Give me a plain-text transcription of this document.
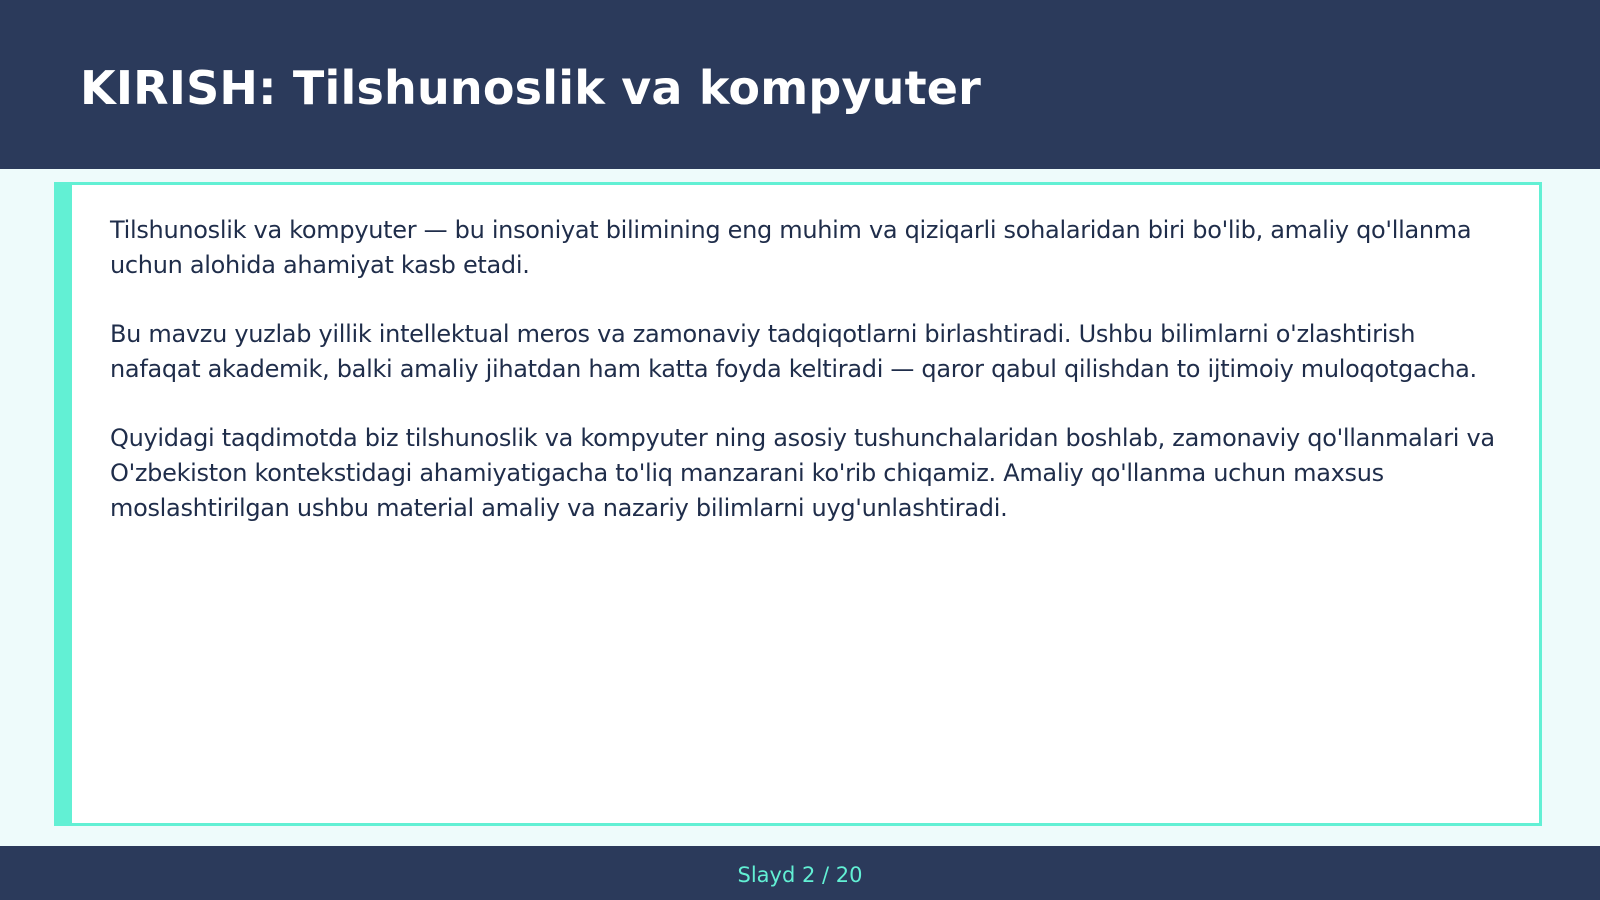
KIRISH: Tilshunoslik va kompyuter

Tilshunoslik va kompyuter — bu insoniyat bilimining eng muhim va qiziqarli sohalaridan biri bo'lib, amaliy qo'llanma uchun alohida ahamiyat kasb etadi.

Bu mavzu yuzlab yillik intellektual meros va zamonaviy tadqiqotlarni birlashtiradi. Ushbu bilimlarni o'zlashtirish nafaqat akademik, balki amaliy jihatdan ham katta foyda keltiradi — qaror qabul qilishdan to ijtimoiy muloqotgacha.

Quyidagi taqdimotda biz tilshunoslik va kompyuter ning asosiy tushunchalaridan boshlab, zamonaviy qo'llanmalari va O'zbekiston kontekstidagi ahamiyatigacha to'liq manzarani ko'rib chiqamiz. Amaliy qo'llanma uchun maxsus moslashtirilgan ushbu material amaliy va nazariy bilimlarni uyg'unlashtiradi.

Slayd 2 / 20
